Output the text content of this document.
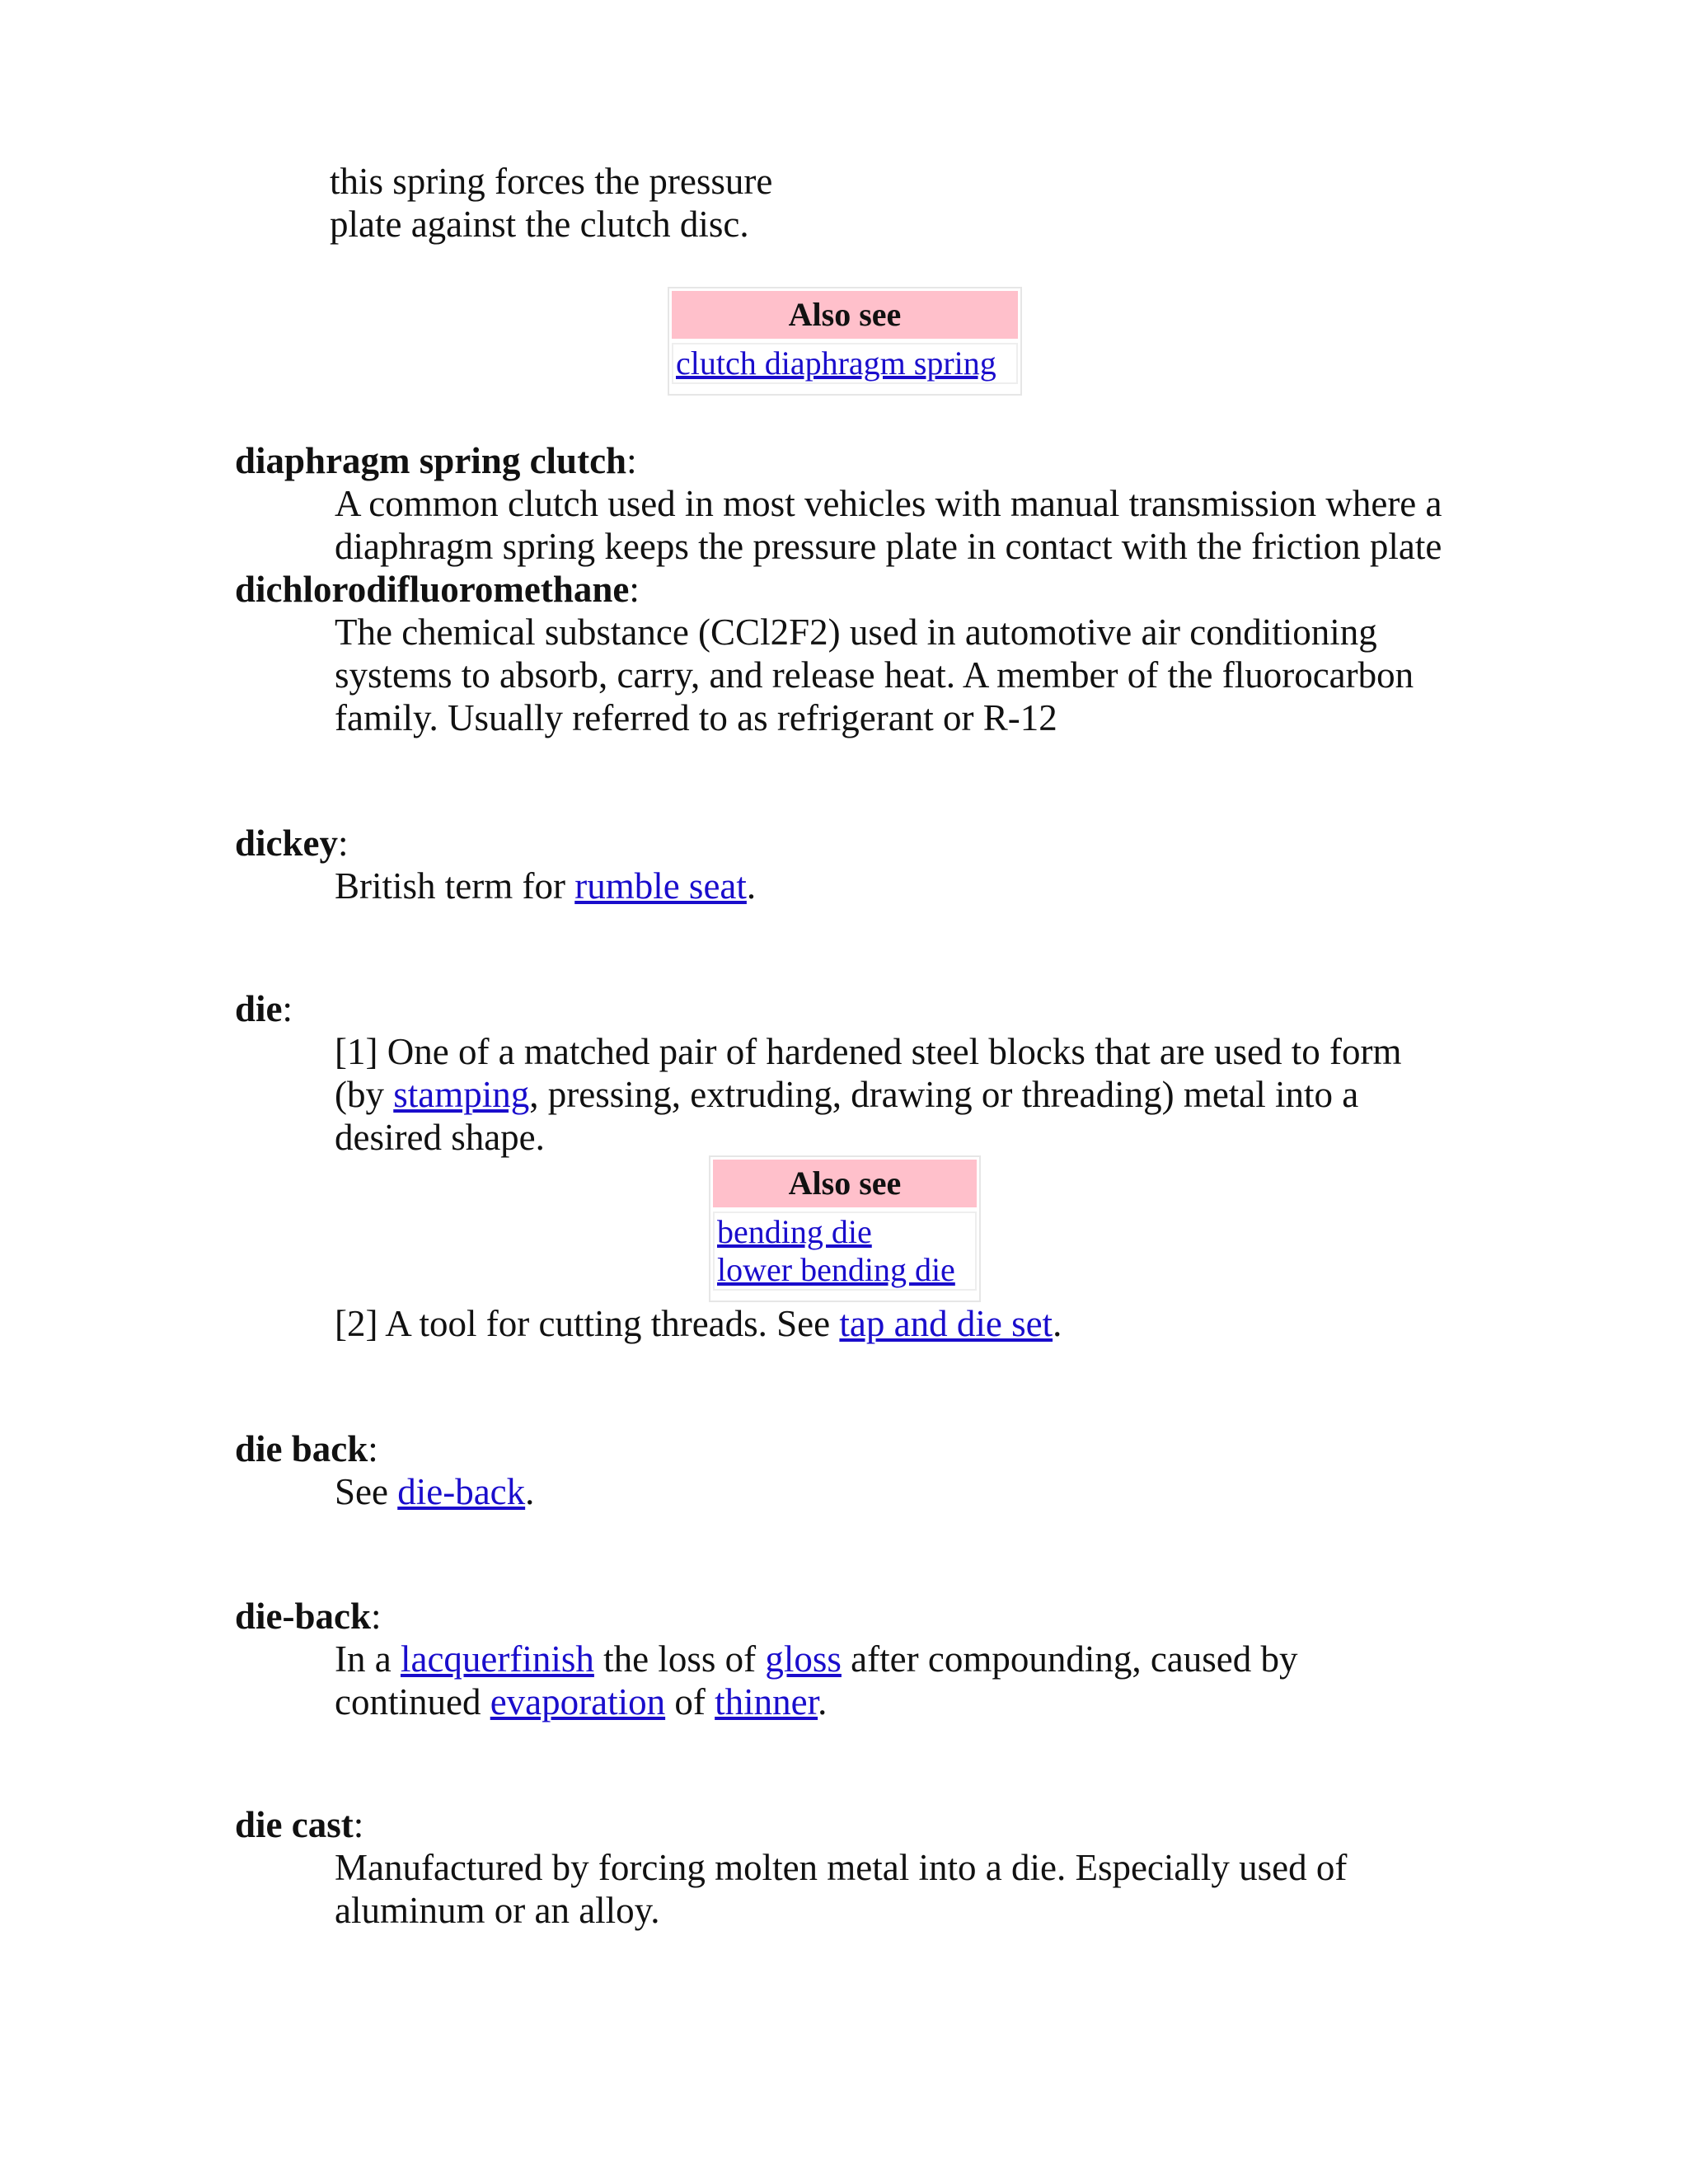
this spring forces the pressure
plate against the clutch disc.
Also see
clutch diaphragm spring
diaphragm spring clutch:
A common clutch used in most vehicles with manual transmission where a diaphragm spring keeps the pressure plate in contact with the friction plate
dichlorodifluoromethane:
The chemical substance (CCl2F2) used in automotive air conditioning systems to absorb, carry, and release heat. A member of the fluorocarbon family. Usually referred to as refrigerant or R-12
dickey:
British term for rumble seat.
die:
[1] One of a matched pair of hardened steel blocks that are used to form (by stamping, pressing, extruding, drawing or threading) metal into a desired shape.
Also see
bending die
lower bending die
[2] A tool for cutting threads. See tap and die set.
die back:
See die-back.
die-back:
In a lacquerfinish the loss of gloss after compounding, caused by continued evaporation of thinner.
die cast:
Manufactured by forcing molten metal into a die. Especially used of aluminum or an alloy.
